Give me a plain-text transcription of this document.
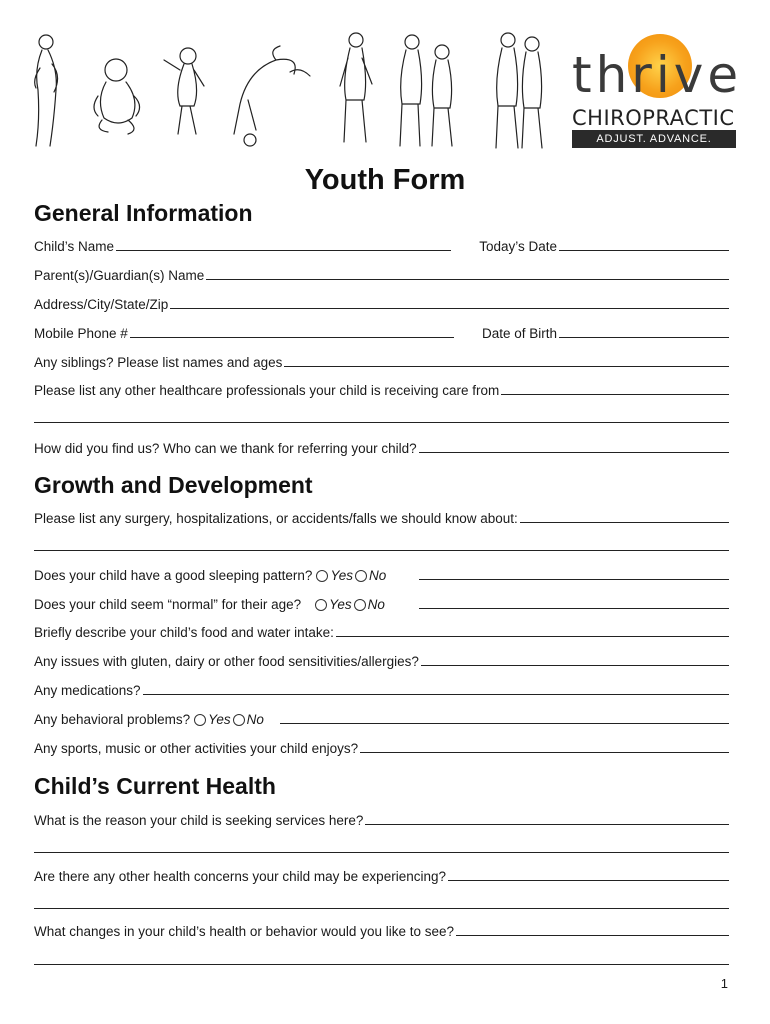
thrive
CHIROPRACTIC
ADJUST. ADVANCE. THRIVE.
Youth Form
General Information
Child’s Name	Today’s Date
Parent(s)/Guardian(s) Name
Address/City/State/Zip
Mobile Phone #	Date of Birth
Any siblings? Please list names and ages
Please list any other healthcare professionals your child is receiving care from
How did you find us? Who can we thank for referring your child?
Growth and Development
Please list any surgery, hospitalizations, or accidents/falls we should know about:
Does your child have a good sleeping pattern? Yes No
Does your child seem “normal” for their age? Yes No
Briefly describe your child’s food and water intake:
Any issues with gluten, dairy or other food sensitivities/allergies?
Any medications?
Any behavioral problems? Yes No
Any sports, music or other activities your child enjoys?
Child’s Current Health
What is the reason your child is seeking services here?
Are there any other health concerns your child may be experiencing?
What changes in your child’s health or behavior would you like to see?
1
